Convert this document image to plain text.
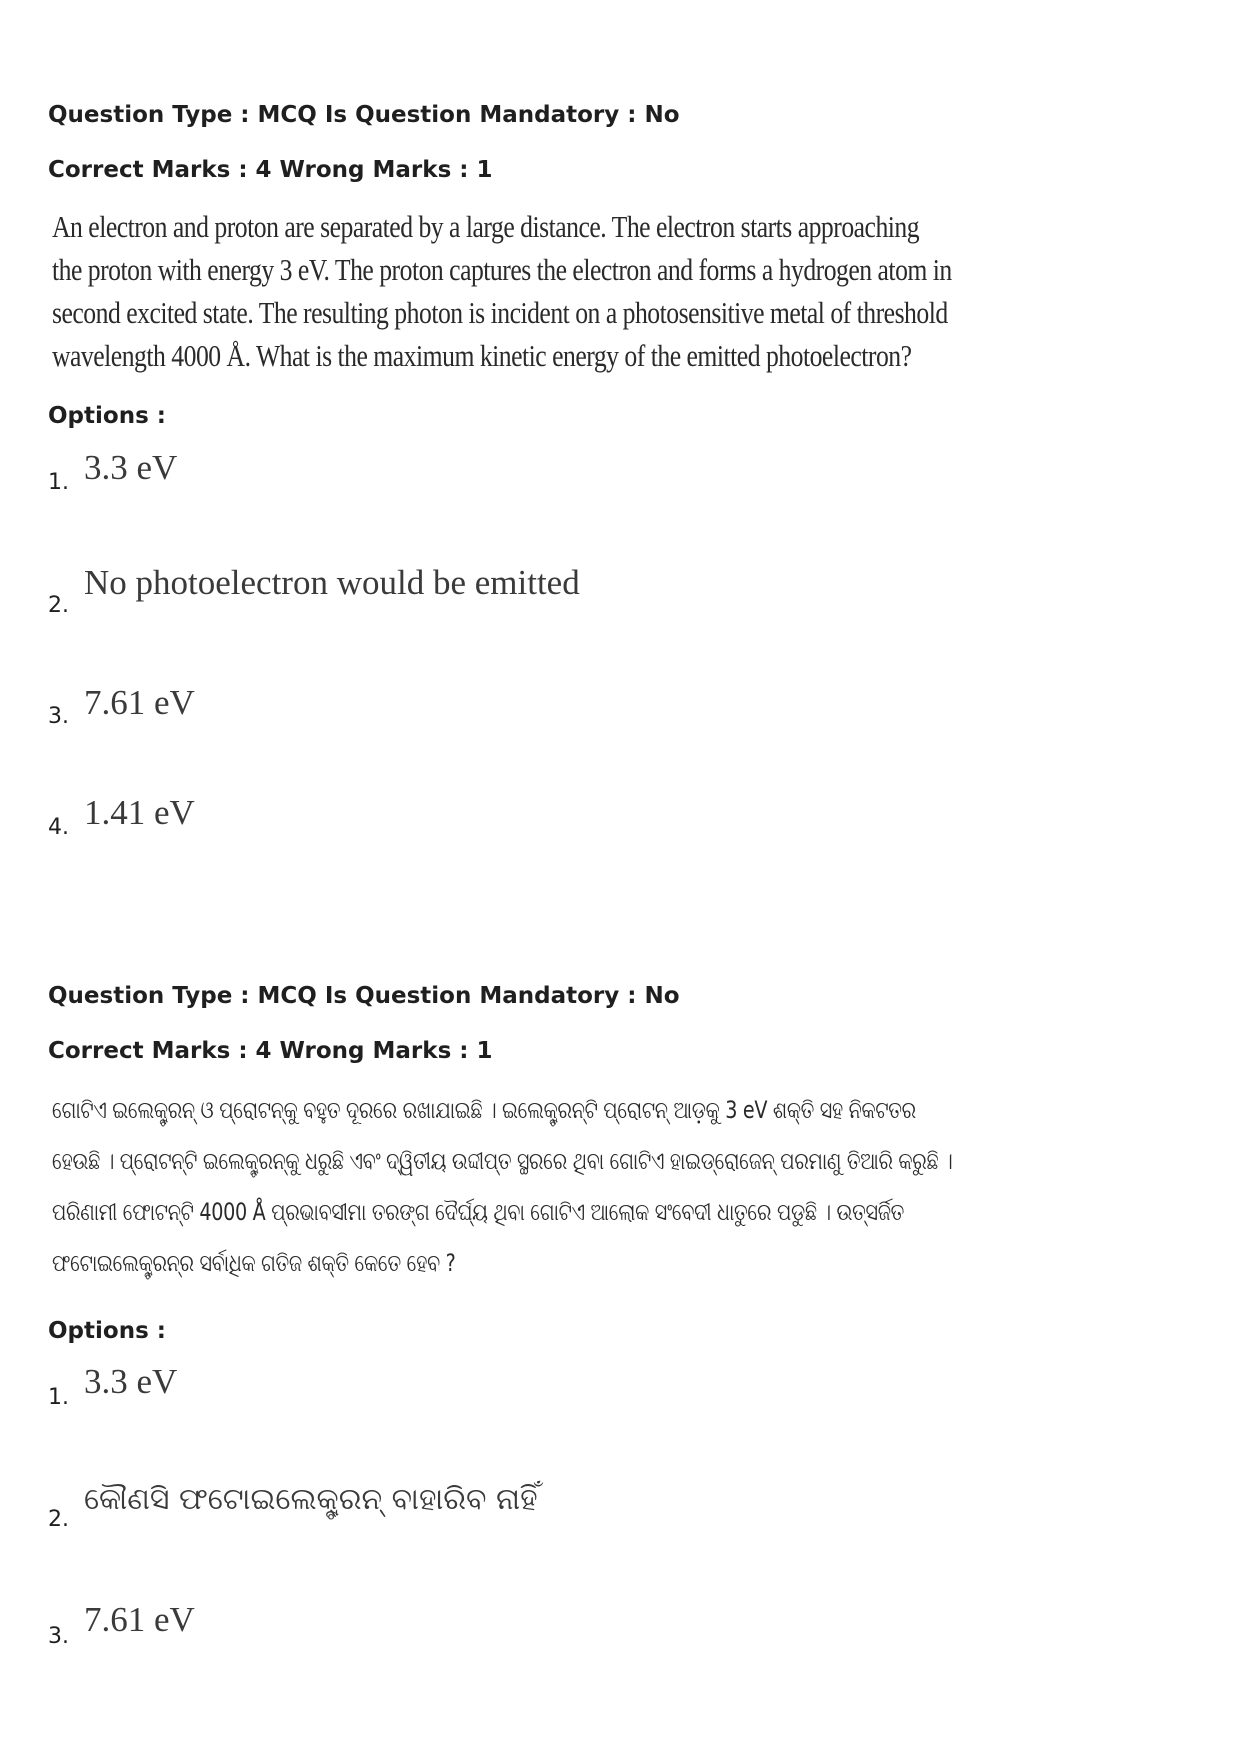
Question Type : MCQ Is Question Mandatory : No
Correct Marks : 4 Wrong Marks : 1
An electron and proton are separated by a large distance. The electron starts approaching
the proton with energy 3 eV. The proton captures the electron and forms a hydrogen atom in
second excited state. The resulting photon is incident on a photosensitive metal of threshold
wavelength 4000 Å. What is the maximum kinetic energy of the emitted photoelectron?
Options :
1. 3.3 eV
2.
No photoelectron would be emitted
3. 7.61 eV
4. 1.41 eV
Question Type : MCQ Is Question Mandatory : No
Correct Marks : 4 Wrong Marks : 1
ଗୋଟିଏ ଇଲେକ୍ଟ୍ରନ୍ ଓ ପ୍ରୋଟନ୍‌କୁ ବହୁତ ଦୂରରେ ରଖାଯାଇଛି । ଇଲେକ୍ଟ୍ରନ୍‌ଟି ପ୍ରୋଟନ୍ ଆଡ଼କୁ 3 eV ଶକ୍ତି ସହ ନିକଟତର
ହେଉଛି । ପ୍ରୋଟନ୍‌ଟି ଇଲେକ୍ଟ୍ରନ୍‌କୁ ଧରୁଛି ଏବଂ ଦ୍ୱିତୀୟ ଉଦ୍ଦୀପ୍ତ ସ୍ଥରରେ ଥିବା ଗୋଟିଏ ହାଇଡ୍ରୋଜେନ୍ ପରମାଣୁ ତିଆରି କରୁଛି ।
ପରିଣାମୀ ଫୋଟନ୍‌ଟି 4000 Å ପ୍ରଭାବସୀମା ତରଙ୍ଗ ଦୈର୍ଘ୍ୟ ଥିବା ଗୋଟିଏ ଆଲୋକ ସଂବେଦୀ ଧାତୁରେ ପଡୁଛି । ଉତ୍ସର୍ଜିତ
ଫଟୋଇଲେକ୍ଟ୍ରନ୍‌ର ସର୍ବାଧିକ ଗତିଜ ଶକ୍ତି କେତେ ହେବ ?
Options :
1. 3.3 eV
2.
କୌଣସି ଫଟୋଇଲେକ୍ଟ୍ରନ୍ ବାହାରିବ ନାହିଁ
3. 7.61 eV
